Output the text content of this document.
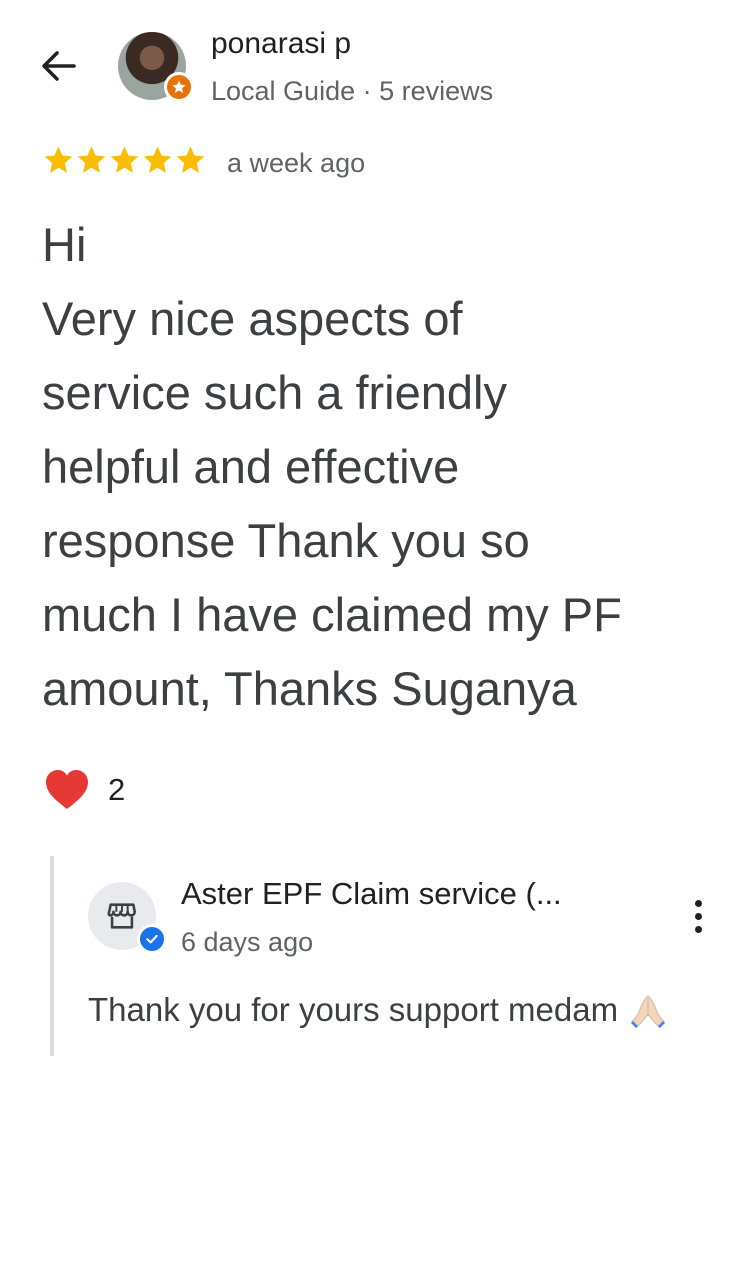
ponarasi p
Local Guide · 5 reviews
a week ago
Hi
Very nice aspects of
service such a friendly
helpful and effective
response Thank you so
much I have claimed my PF
amount, Thanks Suganya
2
Aster EPF Claim service (...
6 days ago
Thank you for yours support medam
